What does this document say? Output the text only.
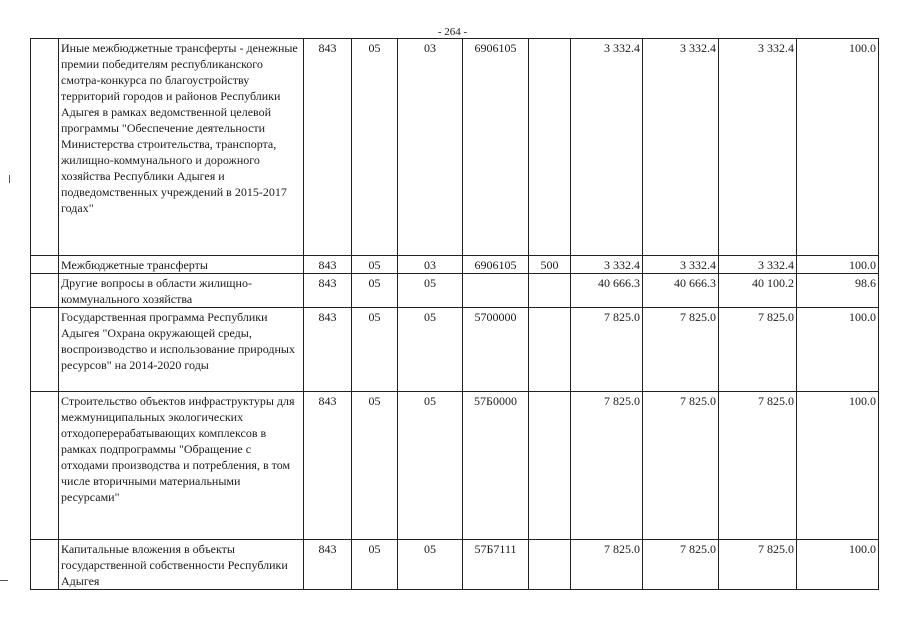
- 264 -
	Иные межбюджетные трансферты - денежные премии победителям республиканского смотра-конкурса по благоустройству территорий городов и районов Республики Адыгея в рамках ведомственной целевой программы "Обеспечение деятельности Министерства строительства, транспорта, жилищно-коммунального и дорожного хозяйства Республики Адыгея и подведомственных учреждений в 2015-2017 годах"	843	05	03	6906105		3 332.4	3 332.4	3 332.4	100.0
	Межбюджетные трансферты	843	05	03	6906105	500	3 332.4	3 332.4	3 332.4	100.0
	Другие вопросы в области жилищно-коммунального хозяйства	843	05	05			40 666.3	40 666.3	40 100.2	98.6
	Государственная программа Республики Адыгея "Охрана окружающей среды, воспроизводство и использование природных ресурсов" на 2014-2020 годы	843	05	05	5700000		7 825.0	7 825.0	7 825.0	100.0
	Строительство объектов инфраструктуры для межмуниципальных экологических отходоперерабатывающих комплексов в рамках подпрограммы "Обращение с отходами производства и потребления, в том числе вторичными материальными ресурсами"	843	05	05	57Б0000		7 825.0	7 825.0	7 825.0	100.0
	Капитальные вложения в объекты государственной собственности Республики Адыгея	843	05	05	57Б7111		7 825.0	7 825.0	7 825.0	100.0
